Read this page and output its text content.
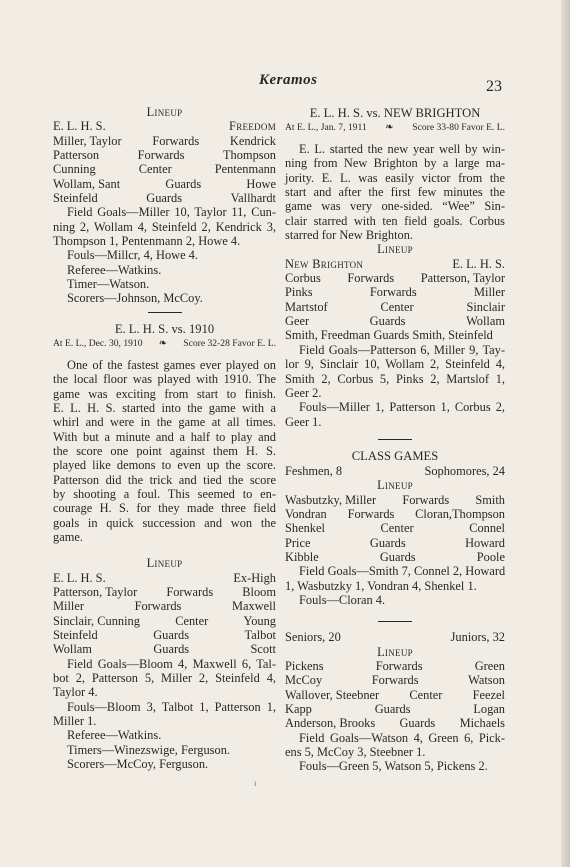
Keramos	23
Lineup
E. L. H. S.	Freedom
Miller, Taylor Forwards Kendrick
Patterson	Forwards	Thompson
Cunning	Center	Pentenmann
Wollam, Sant	Guards	Howe
Steinfeld	Guards	Vallhardt
Field Goals—Miller 10, Taylor 11, Cun-
ning 2, Wollam 4, Steinfeld 2, Kendrick 3,
Thompson 1, Pentenmann 2, Howe 4.
Fouls—Millcr, 4, Howe 4.
Referee—Watkins.
Timer—Watson.
Scorers—Johnson, McCoy.
E. L. H. S. vs. 1910
At E. L., Dec. 30, 1910 ❧ Score 32-28 Favor E. L.
One of the fastest games ever played on
the local floor was played with 1910. The
game was exciting from start to finish.
E. L. H. S. started into the game with a
whirl and were in the game at all times.
With but a minute and a half to play and
the score one point against them H. S.
played like demons to even up the score.
Patterson did the trick and tied the score
by shooting a foul. This seemed to en-
courage H. S. for they made three field
goals in quick succession and won the
game.
Lineup
E. L. H. S.	Ex-High
Patterson, Taylor Forwards Bloom
Miller	Forwards	Maxwell
Sinclair, Cunning	Center	Young
Steinfeld	Guards	Talbot
Wollam	Guards	Scott
Field Goals—Bloom 4, Maxwell 6, Tal-
bot 2, Patterson 5, Miller 2, Steinfeld 4,
Taylor 4.
Fouls—Bloom 3, Talbot 1, Patterson 1,
Miller 1.
Referee—Watkins.
Timers—Winezswige, Ferguson.
Scorers—McCoy, Ferguson.
E. L. H. S. vs. NEW BRIGHTON
At E. L., Jan. 7, 1911 ❧ Score 33-80 Favor E. L.
E. L. started the new year well by win-
ning from New Brighton by a large ma-
jority. E. L. was easily victor from the
start and after the first few minutes the
game was very one-sided. “Wee” Sin-
clair starred with ten field goals. Corbus
starred for New Brighton.
Lineup
New Brighton	E. L. H. S.
Corbus Forwards Patterson, Taylor
Pinks	Forwards	Miller
Martstof	Center	Sinclair
Geer	Guards	Wollam
Smith, Freedman Guards Smith, Steinfeld
Field Goals—Patterson 6, Miller 9, Tay-
lor 9, Sinclair 10, Wollam 2, Steinfeld 4,
Smith 2, Corbus 5, Pinks 2, Martslof 1,
Geer 2.
Fouls—Miller 1, Patterson 1, Corbus 2,
Geer 1.
CLASS GAMES
Feshmen, 8	Sophomores, 24
Lineup
Wasbutzky, Miller Forwards Smith
Vondran Forwards Cloran,Thompson
Shenkel	Center	Connel
Price	Guards	Howard
Kibble	Guards	Poole
Field Goals—Smith 7, Connel 2, Howard
1, Wasbutzky 1, Vondran 4, Shenkel 1.
Fouls—Cloran 4.
Seniors, 20	Juniors, 32
Lineup
Pickens	Forwards	Green
McCoy	Forwards	Watson
Wallover, Steebner Center Feezel
Kapp	Guards	Logan
Anderson, Brooks Guards Michaels
Field Goals—Watson 4, Green 6, Pick-
ens 5, McCoy 3, Steebner 1.
Fouls—Green 5, Watson 5, Pickens 2.
ı
